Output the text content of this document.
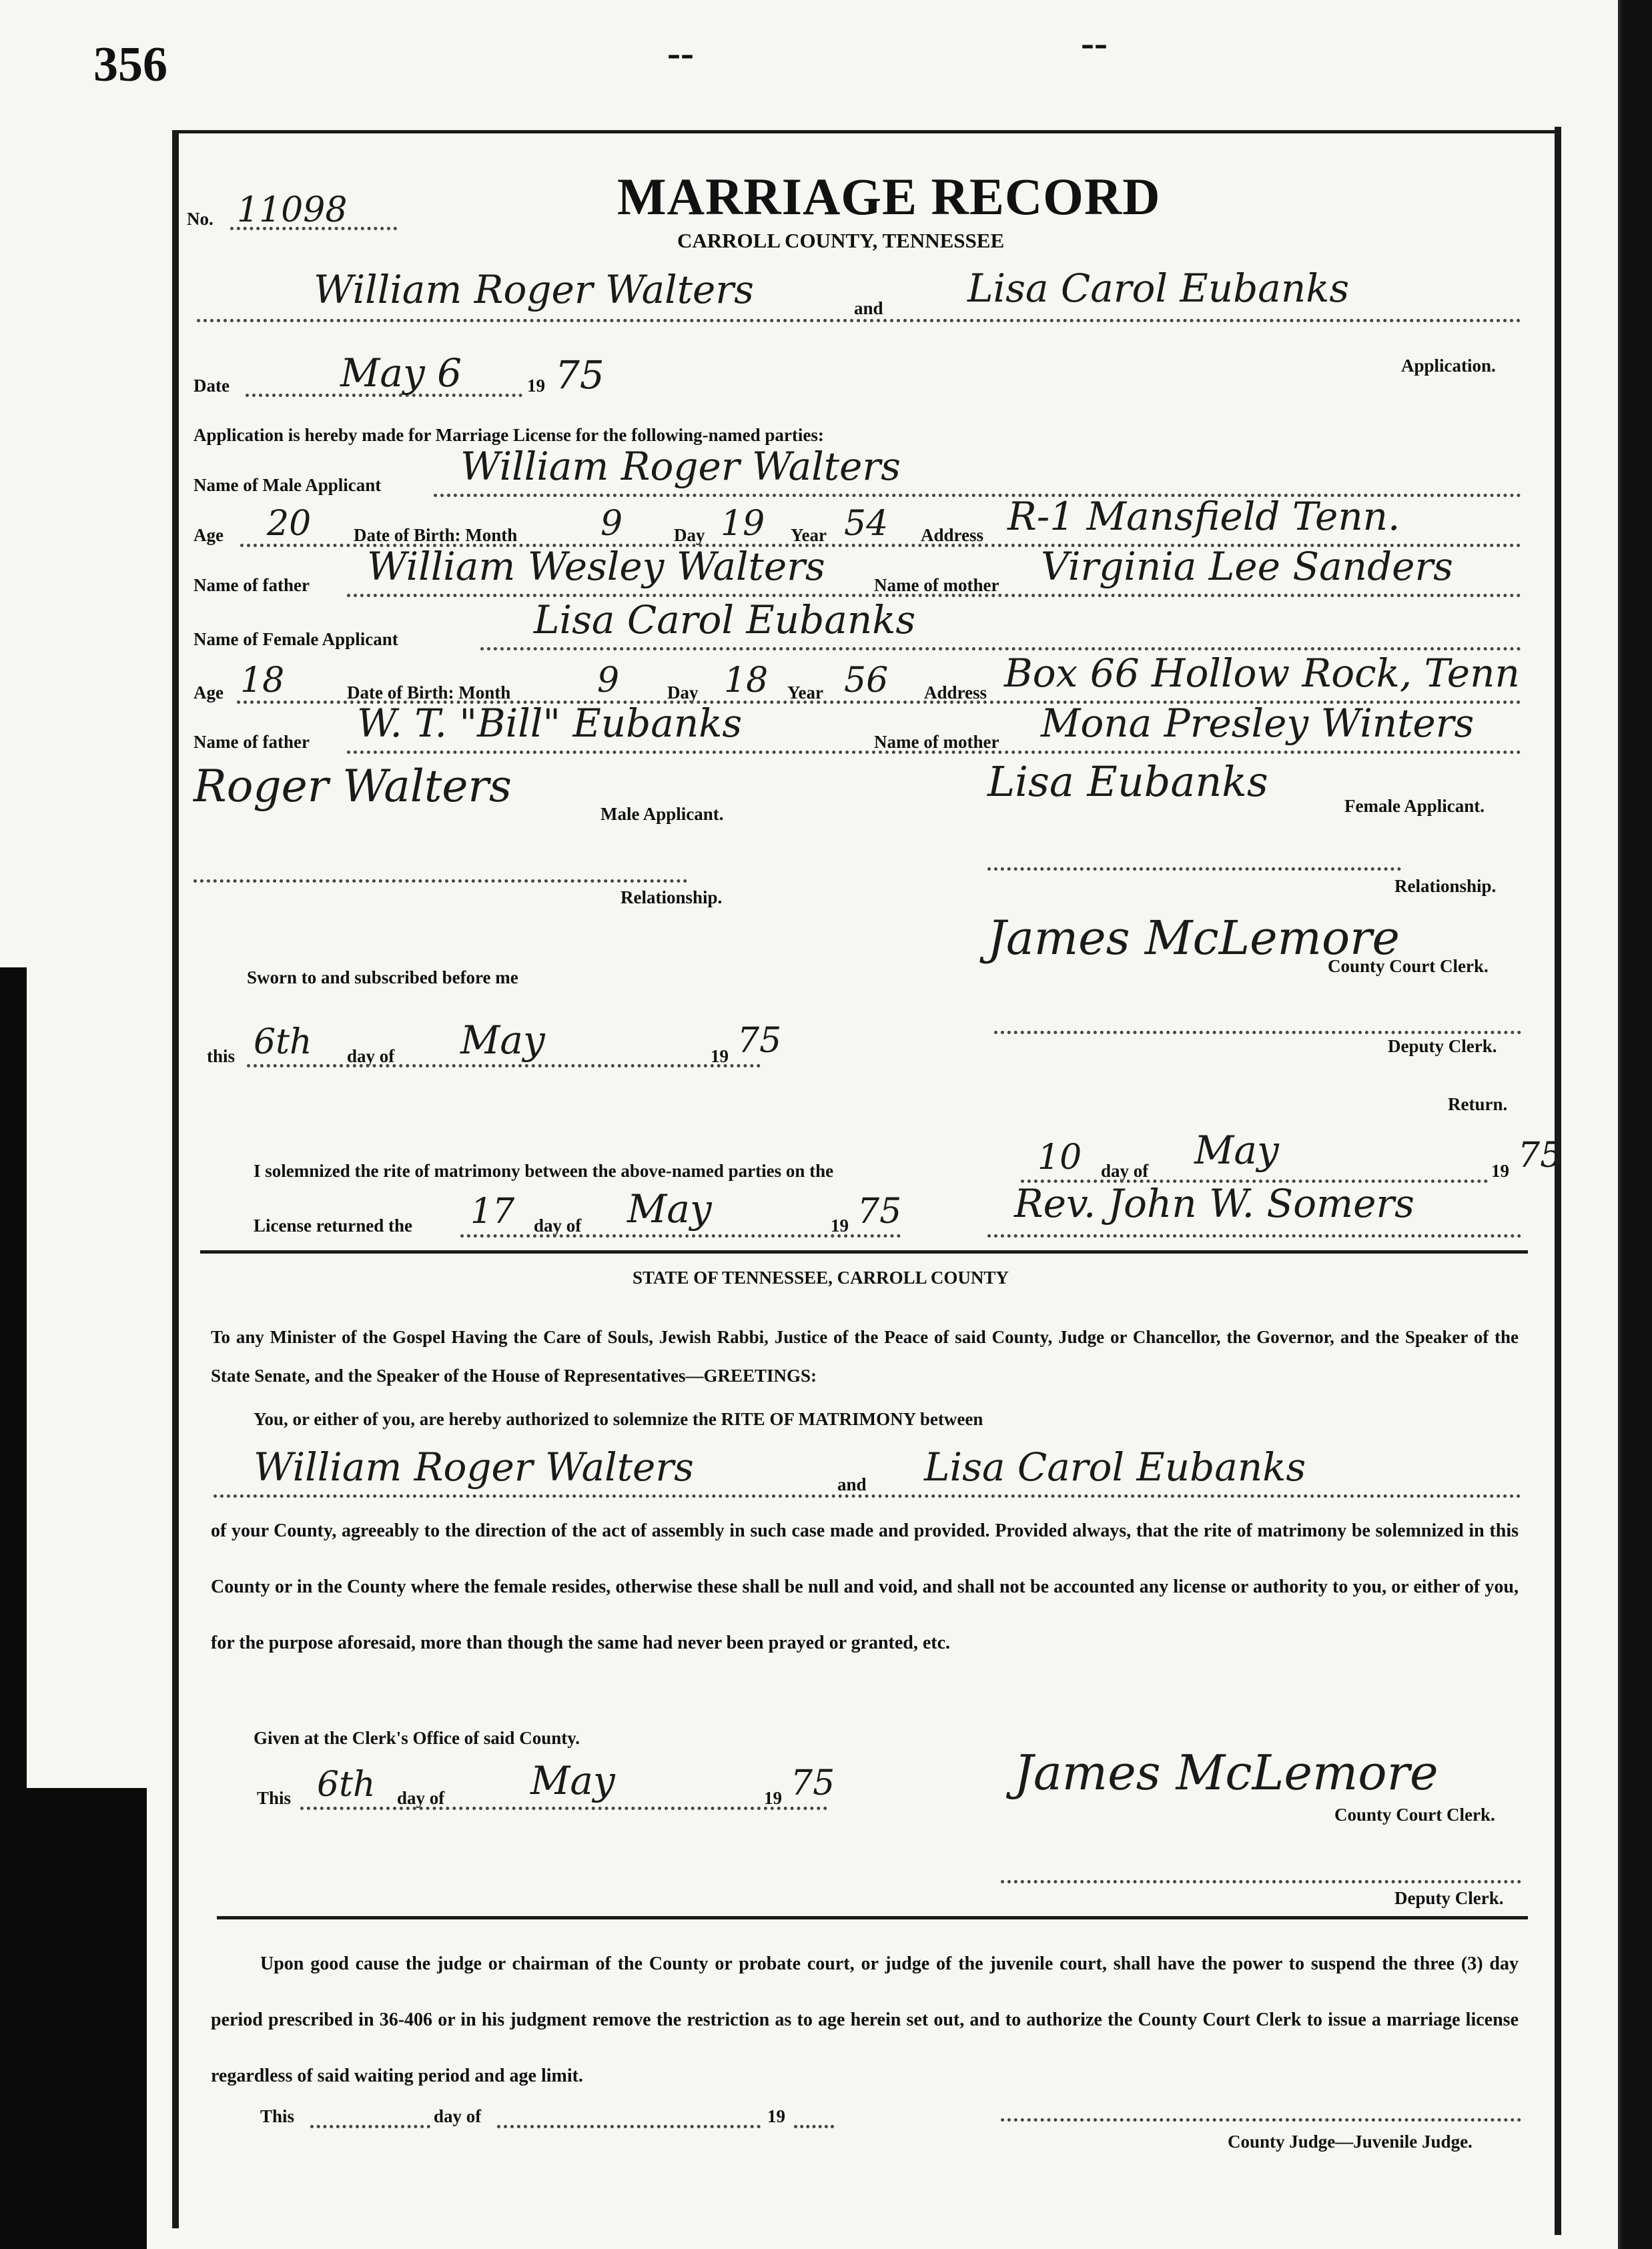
356	--	--
No. 11098	MARRIAGE RECORD
CARROLL COUNTY, TENNESSEE
William Roger Walters	and Lisa Carol Eubanks
Date	May 6	19 75	Application.
Application is hereby made for Marriage License for the following-named parties:
Name of Male Applicant William Roger Walters
Age 20 Date of Birth: Month 9	Day 19 Year 54 Address R-1 Mansfield Tenn.
Name of father William Wesley Walters	Name of mother Virginia Lee Sanders
Name of Female Applicant	Lisa Carol Eubanks
Age 18	Date of Birth: Month 9	Day 18 Year 56 Address Box 66 Hollow Rock, Tenn
Name of father W. T. "Bill" Eubanks	Name of mother Mona Presley Winters
Roger Walters
Male Applicant.
Lisa Eubanks	Female Applicant.
Relationship.
Relationship.
James McLemore
County Court Clerk.
Sworn to and subscribed before me
this 6th day of May	19 75	Deputy Clerk.
Return.
I solemnized the rite of matrimony between the above-named parties on the	10 day of May	19 75
License returned the 17 day of May	19 75	Rev. John W. Somers
STATE OF TENNESSEE, CARROLL COUNTY
To any Minister of the Gospel Having the Care of Souls, Jewish Rabbi, Justice of the Peace of said County, Judge or Chancellor, the Governor, and the Speaker of the State Senate, and the Speaker of the House of Representatives—GREETINGS:
You, or either of you, are hereby authorized to solemnize the RITE OF MATRIMONY between
William Roger Walters	and Lisa Carol Eubanks
of your County, agreeably to the direction of the act of assembly in such case made and provided. Provided always, that the rite of matrimony be solemnized in this County or in the County where the female resides, otherwise these shall be null and void, and shall not be accounted any license or authority to you, or either of you, for the purpose aforesaid, more than though the same had never been prayed or granted, etc.
Given at the Clerk's Office of said County.
This 6th day of May	19 75	James McLemore
County Court Clerk.
Deputy Clerk.
Upon good cause the judge or chairman of the County or probate court, or judge of the juvenile court, shall have the power to suspend the three (3) day period prescribed in 36-406 or in his judgment remove the restriction as to age herein set out, and to authorize the County Court Clerk to issue a marriage license regardless of said waiting period and age limit.
This	day of	19
County Judge—Juvenile Judge.
